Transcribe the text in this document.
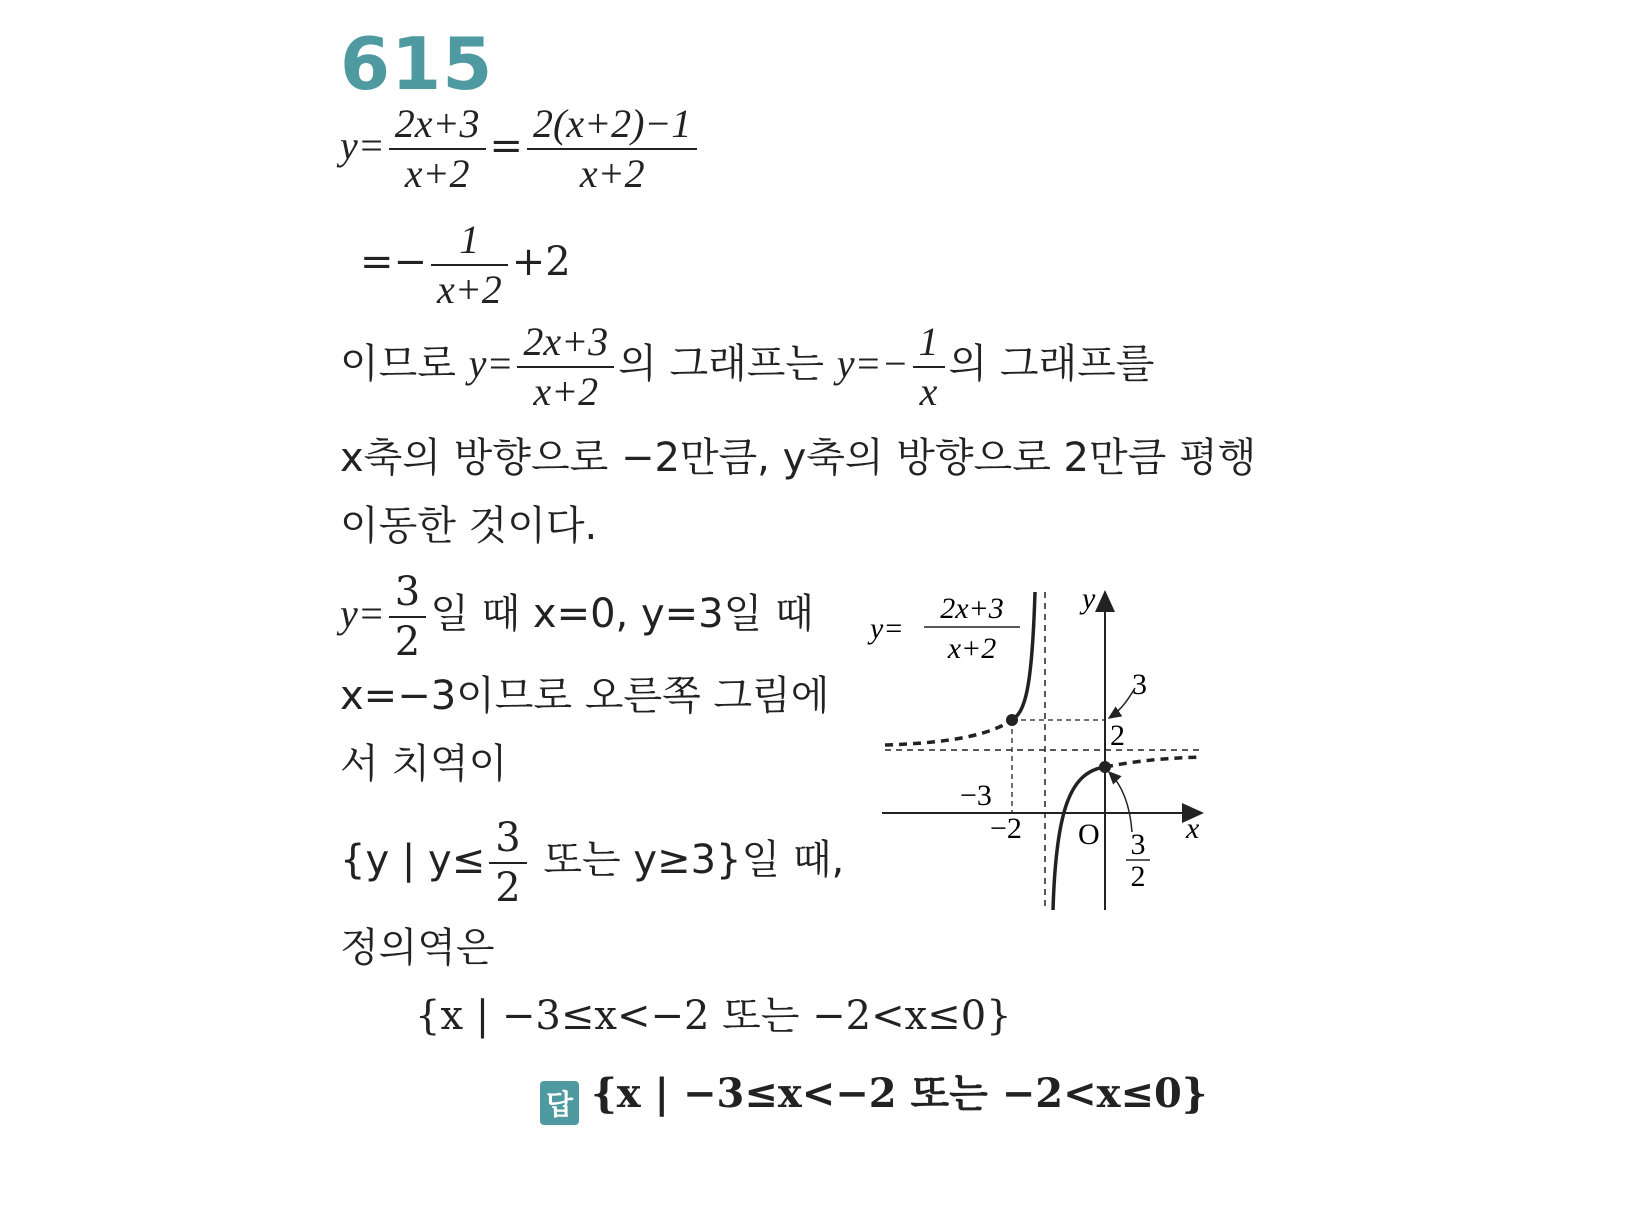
615
$y= \frac{2x+3}{x+2} = \frac{2(x+2)-1}{x+2}$
=− $\frac{1}{x+2} +2$
이므로 $y= \frac{2x+3}{x+2}$ 의 그래프는 $y=- \frac{1}{x}$ 의 그래프를
x축의 방향으로 −2만큼, y축의 방향으로 2만큼 평행
이동한 것이다.
$y= \frac{3}{2}$ 일 때 x=0, y=3일 때
x=−3이므로 오른쪽 그림에
서 치역이
{y | $y\le \frac{3}{2}$ 또는 y≥3}일 때,
정의역은
{x | −3≤x<−2 또는 −2<x≤0}
답 {x | −3≤x<−2 또는 −2<x≤0}
y=
2x+3
x+2
y
x
O
3
2
−3
−2	3
2
